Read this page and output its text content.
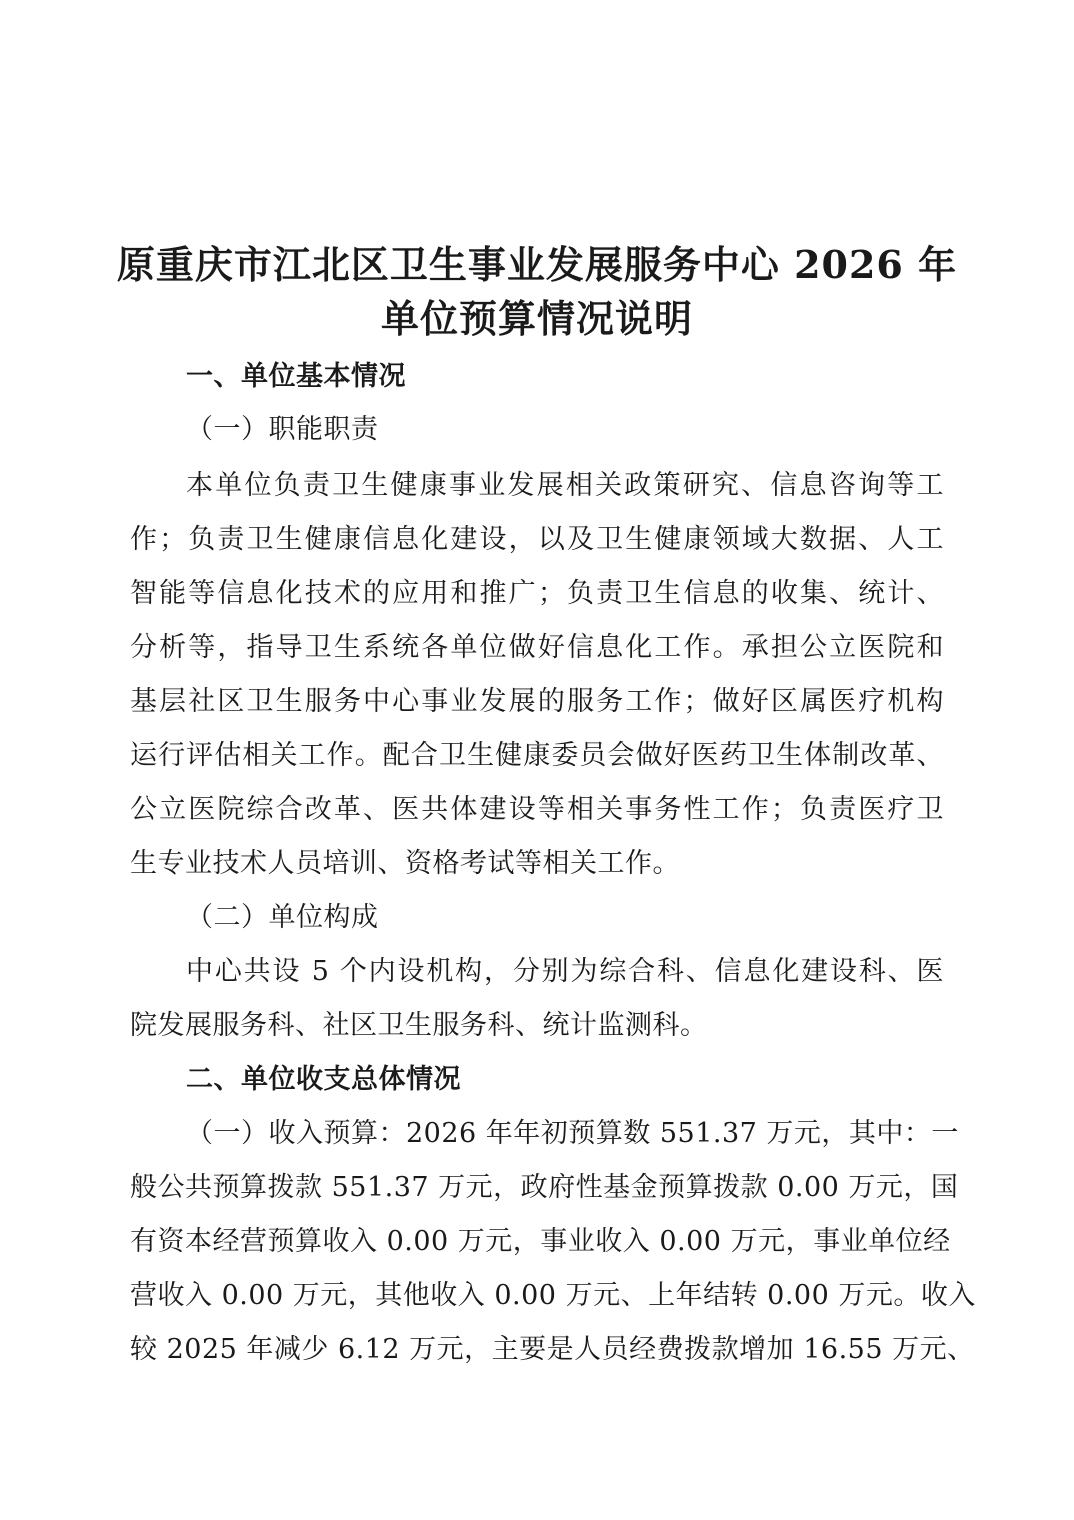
原重庆市江北区卫生事业发展服务中心 2026 年
单位预算情况说明
一、单位基本情况
（一）职能职责
本单位负责卫生健康事业发展相关政策研究、信息咨询等工
作；负责卫生健康信息化建设，以及卫生健康领域大数据、人工
智能等信息化技术的应用和推广；负责卫生信息的收集、统计、
分析等，指导卫生系统各单位做好信息化工作。承担公立医院和
基层社区卫生服务中心事业发展的服务工作；做好区属医疗机构
运行评估相关工作。配合卫生健康委员会做好医药卫生体制改革、
公立医院综合改革、医共体建设等相关事务性工作；负责医疗卫
生专业技术人员培训、资格考试等相关工作。
（二）单位构成
中心共设 5 个内设机构，分别为综合科、信息化建设科、医
院发展服务科、社区卫生服务科、统计监测科。
二、单位收支总体情况
（一）收入预算：2026 年年初预算数 551.37 万元，其中：一
般公共预算拨款 551.37 万元，政府性基金预算拨款 0.00 万元，国
有资本经营预算收入 0.00 万元，事业收入 0.00 万元，事业单位经
营收入 0.00 万元，其他收入 0.00 万元、上年结转 0.00 万元。收入
较 2025 年减少 6.12 万元，主要是人员经费拨款增加 16.55 万元、
